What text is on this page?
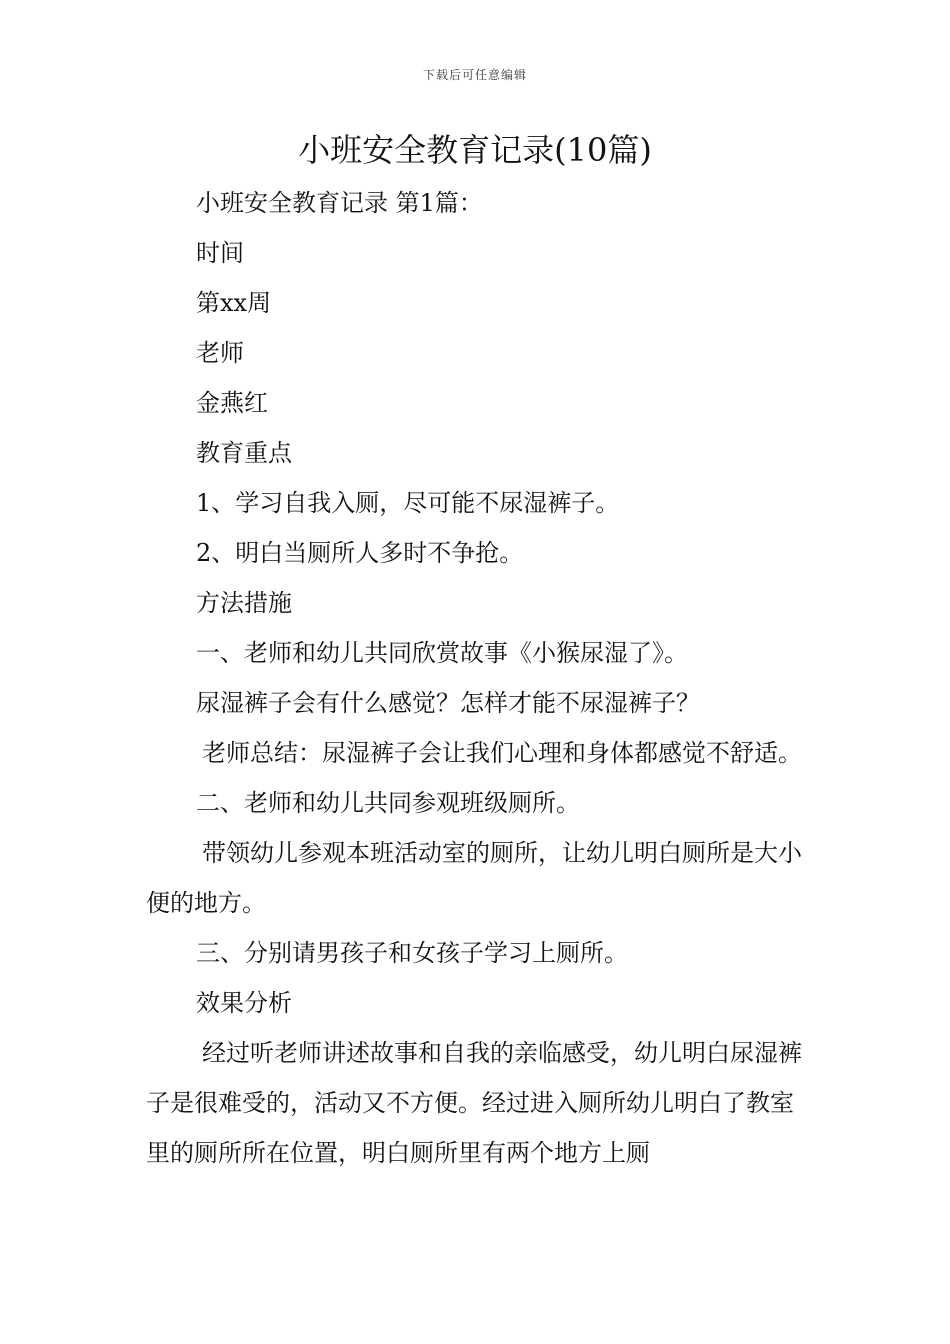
下载后可任意编辑
小班安全教育记录(10篇)

小班安全教育记录 第1篇：

时间

第xx周

老师

金燕红

教育重点

1、学习自我入厕，尽可能不尿湿裤子。

2、明白当厕所人多时不争抢。

方法措施

一、老师和幼儿共同欣赏故事《小猴尿湿了》。

尿湿裤子会有什么感觉？怎样才能不尿湿裤子？

老师总结：尿湿裤子会让我们心理和身体都感觉不舒适。

二、老师和幼儿共同参观班级厕所。

带领幼儿参观本班活动室的厕所，让幼儿明白厕所是大小便的地方。

三、分别请男孩子和女孩子学习上厕所。

效果分析

经过听老师讲述故事和自我的亲临感受，幼儿明白尿湿裤子是很难受的，活动又不方便。经过进入厕所幼儿明白了教室里的厕所所在位置，明白厕所里有两个地方上厕
